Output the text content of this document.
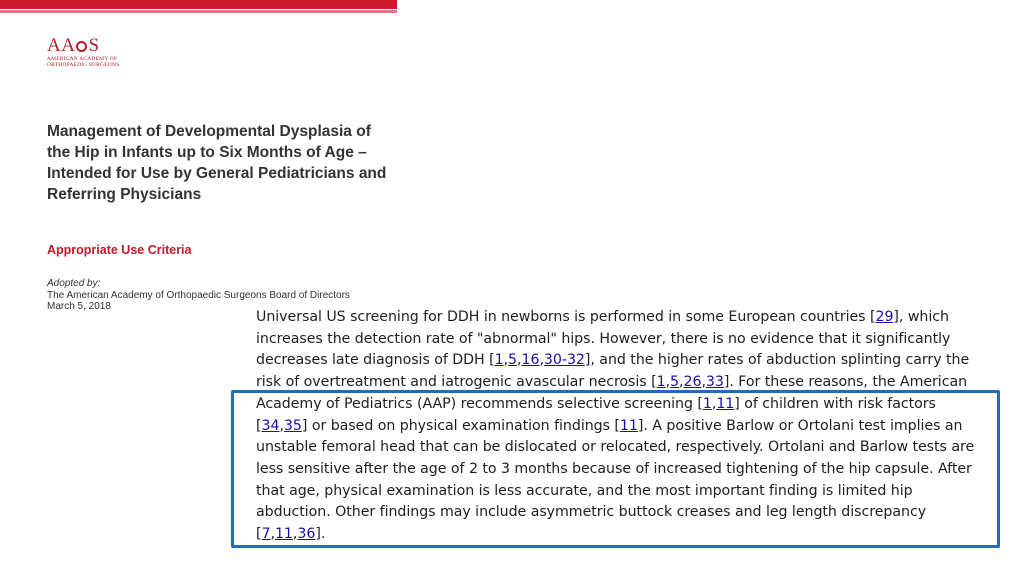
AA S
AMERICAN ACADEMY OF
ORTHOPAEDIC SURGEONS
Management of Developmental Dysplasia of the Hip in Infants up to Six Months of Age – Intended for Use by General Pediatricians and Referring Physicians
Appropriate Use Criteria
Adopted by:
The American Academy of Orthopaedic Surgeons Board of Directors
March 5, 2018

Universal US screening for DDH in newborns is performed in some European countries [29], which increases the detection rate of "abnormal" hips. However, there is no evidence that it significantly decreases late diagnosis of DDH [1,5,16,30-32], and the higher rates of abduction splinting carry the risk of overtreatment and iatrogenic avascular necrosis [1,5,26,33]. For these reasons, the American Academy of Pediatrics (AAP) recommends selective screening [1,11] of children with risk factors [34,35] or based on physical examination findings [11]. A positive Barlow or Ortolani test implies an unstable femoral head that can be dislocated or relocated, respectively. Ortolani and Barlow tests are less sensitive after the age of 2 to 3 months because of increased tightening of the hip capsule. After that age, physical examination is less accurate, and the most important finding is limited hip abduction. Other findings may include asymmetric buttock creases and leg length discrepancy [7,11,36].
